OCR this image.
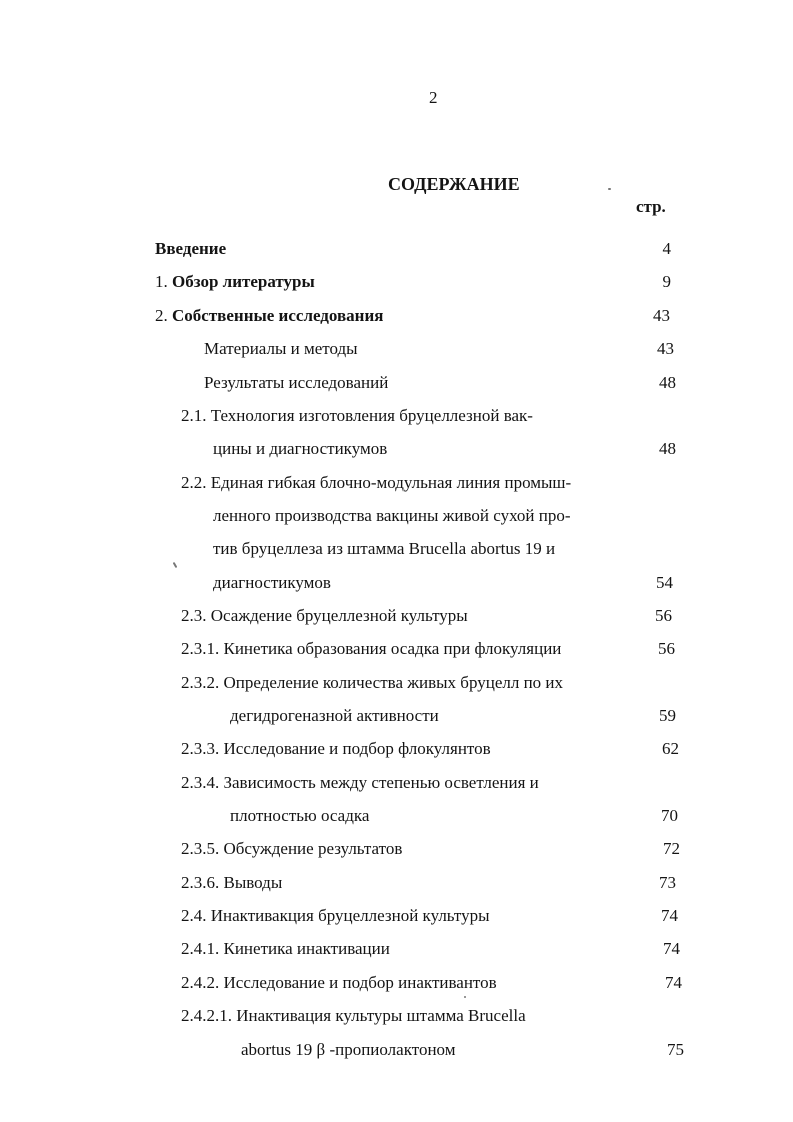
2
СОДЕРЖАНИЕ
стр.
Введение	4
1. Обзор литературы	9
2. Собственные исследования	43
Материалы и методы	43
Результаты исследований	48
2.1. Технология изготовления бруцеллезной вак-
цины и диагностикумов	48
2.2. Единая гибкая блочно-модульная линия промыш-
ленного производства вакцины живой сухой про-
тив бруцеллеза из штамма Brucella abortus 19 и
диагностикумов	54
2.3. Осаждение бруцеллезной культуры	56
2.3.1. Кинетика образования осадка при флокуляции	56
2.3.2. Определение количества живых бруцелл по их
дегидрогеназной активности	59
2.3.3. Исследование и подбор флокулянтов	62
2.3.4. Зависимость между степенью осветления и
плотностью осадка	70
2.3.5. Обсуждение результатов	72
2.3.6. Выводы	73
2.4. Инактивакция бруцеллезной культуры	74
2.4.1. Кинетика инактивации	74
2.4.2. Исследование и подбор инактивантов	74
2.4.2.1. Инактивация культуры штамма Brucella
abortus 19 β -пропиолактоном	75
